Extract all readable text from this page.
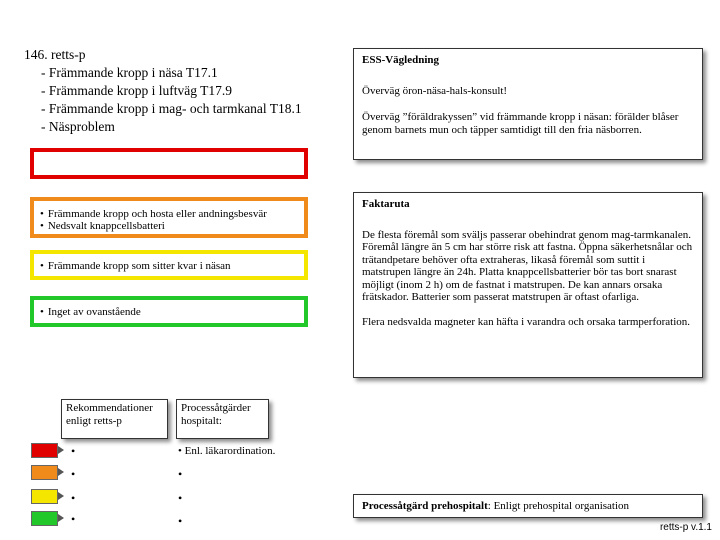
146. retts-p
- Främmande kropp i näsa T17.1
- Främmande kropp i luftväg T17.9
- Främmande kropp i mag- och tarmkanal T18.1
- Näsproblem
• Främmande kropp och hosta eller andningsbesvär
• Nedsvalt knappcellsbatteri
• Främmande kropp som sitter kvar i näsan
• Inget av ovanstående
ESS-Vägledning

Överväg öron-näsa-hals-konsult!

Överväg ”föräldrakyssen” vid främmande kropp i näsan: förälder blåser genom barnets mun och täpper samtidigt till den fria näsborren.

Faktaruta

De flesta föremål som sväljs passerar obehindrat genom mag-tarmkanalen. Föremål längre än 5 cm har större risk att fastna. Öppna säkerhetsnålar och trätandpetare behöver ofta extraheras, likaså föremål som suttit i matstrupen längre än 24h. Platta knappcellsbatterier bör tas bort snarast möjligt (inom 2 h) om de fastnat i matstrupen. De kan annars orsaka frätskador. Batterier som passerat matstrupen är oftast ofarliga.

Flera nedsvalda magneter kan häfta i varandra och orsaka tarmperforation.

Rekommendationer enligt retts-p
Processåtgärder hospitalt:
•
•
•
•
• Enl. läkarordination.
•
•
•
Processåtgärd prehospitalt: Enligt prehospital organisation
retts-p v.1.1
